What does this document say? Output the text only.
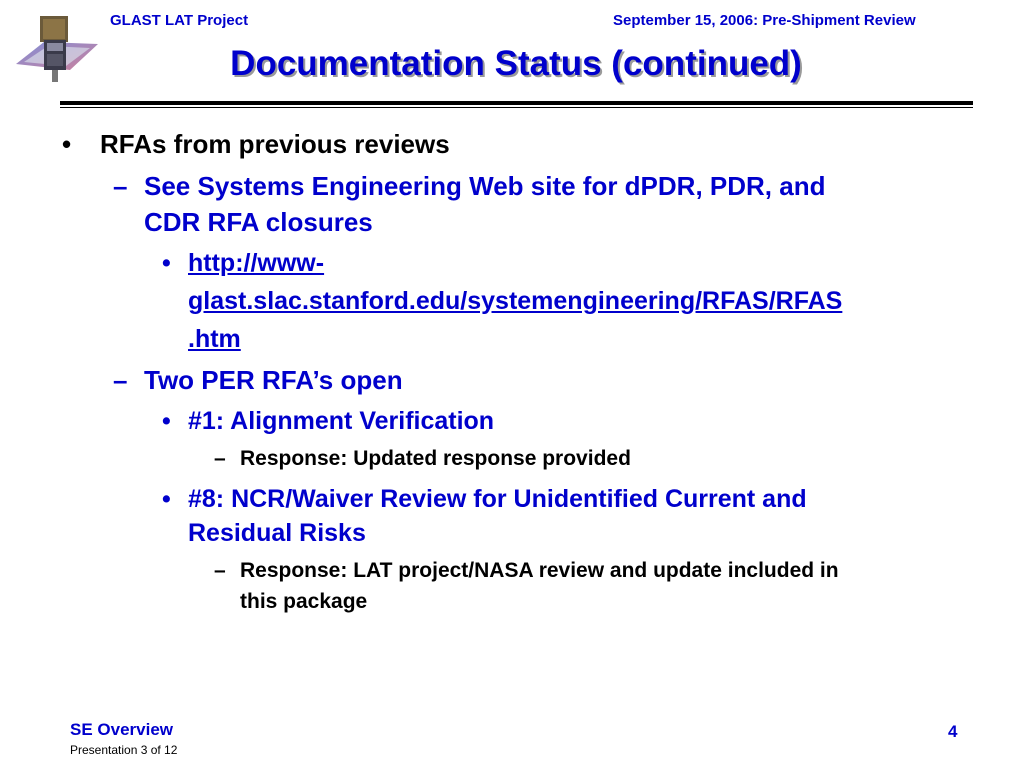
GLAST LAT Project	September 15, 2006: Pre-Shipment Review
Documentation Status (continued)
• RFAs from previous reviews
– See Systems Engineering Web site for dPDR, PDR, and
CDR RFA closures
• http://www-
glast.slac.stanford.edu/systemengineering/RFAS/RFAS
.htm
– Two PER RFA’s open
• #1: Alignment Verification
– Response: Updated response provided
• #8: NCR/Waiver Review for Unidentified Current and
Residual Risks
– Response: LAT project/NASA review and update included in
this package
SE Overview
Presentation 3 of 12
4
